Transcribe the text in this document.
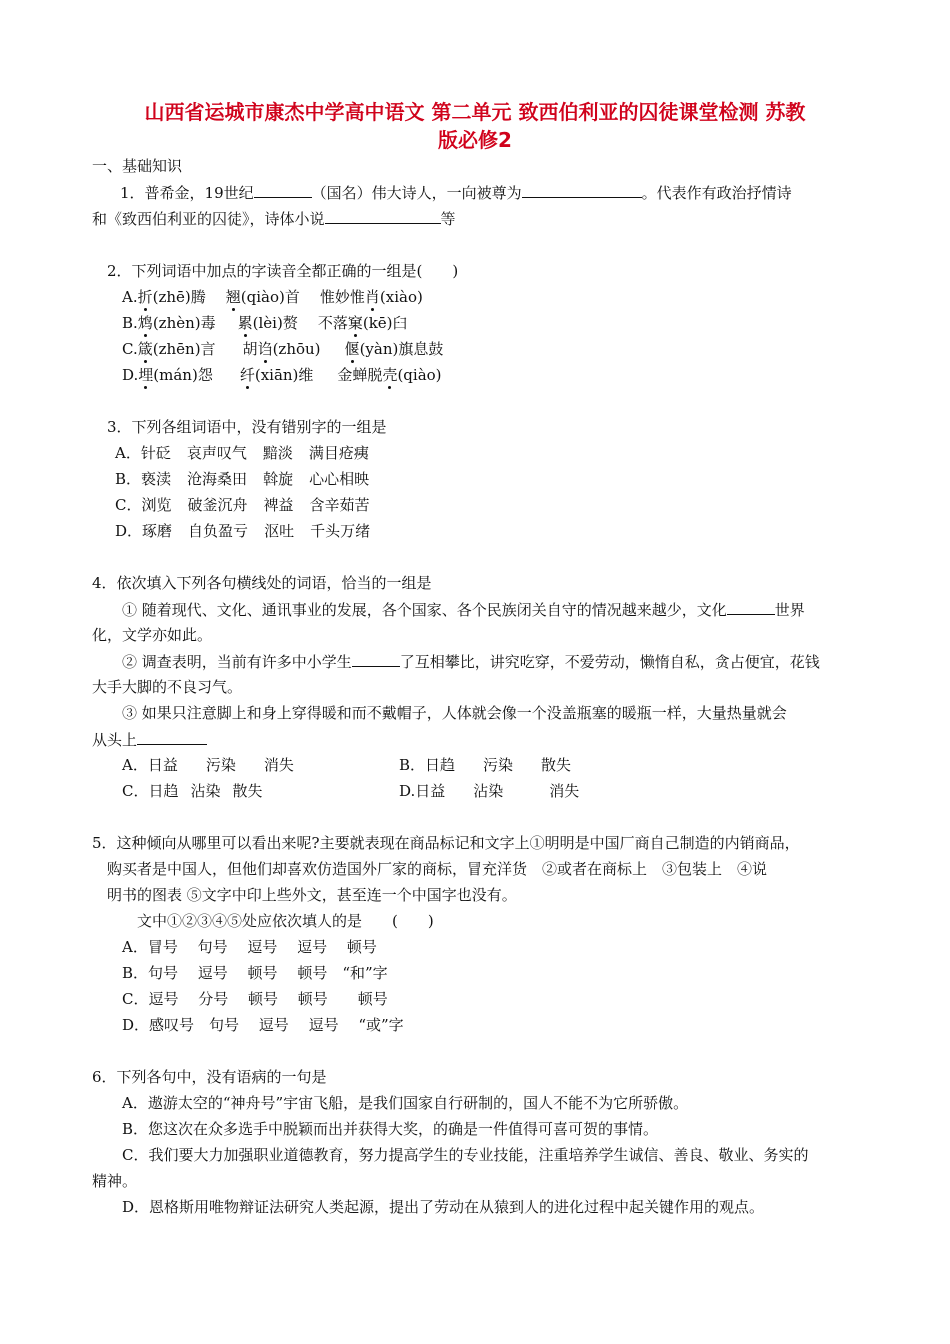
山西省运城市康杰中学高中语文 第二单元 致西伯利亚的囚徒课堂检测 苏教
版必修2
一、基础知识
1．普希金，19世纪	（国名）伟大诗人，一向被尊为	。代表作有政治抒情诗
和《致西伯利亚的囚徒》，诗体小说	等
2．下列词语中加点的字读音全都正确的一组是(　　)
A.折(zhē)腾 翘(qiào)首 惟妙惟肖(xiào)
B.鸩(zhèn)毒 累(lèi)赘 不落窠(kē)臼
C.箴(zhēn)言 胡诌(zhōu) 偃(yàn)旗息鼓
D.埋(mán)怨 纤(xiān)维 金蝉脱壳(qiào)
3．下列各组词语中，没有错别字的一组是
A．针砭 哀声叹气 黯淡 满目疮痍
B．亵渎 沧海桑田 斡旋 心心相映
C．浏览 破釜沉舟 裨益 含辛茹苦
D．琢磨 自负盈亏 沤吐 千头万绪
4．依次填入下列各句横线处的词语，恰当的一组是
① 随着现代、文化、通讯事业的发展，各个国家、各个民族闭关自守的情况越来越少，文化	世界
化，文学亦如此。
② 调查表明，当前有许多中小学生	了互相攀比，讲究吃穿，不爱劳动，懒惰自私，贪占便宜，花钱
大手大脚的不良习气。
③ 如果只注意脚上和身上穿得暖和而不戴帽子，人体就会像一个没盖瓶塞的暖瓶一样，大量热量就会
从头上
A．日益 污染 消失	B．日趋 污染 散失
C．日趋 沾染 散失	D.日益 沾染	消失
5．这种倾向从哪里可以看出来呢?主要就表现在商品标记和文字上①明明是中国厂商自己制造的内销商品，
购买者是中国人，但他们却喜欢仿造国外厂家的商标，冒充洋货　②或者在商标上　③包装上　④说
明书的图表 ⑤文字中印上些外文，甚至连一个中国字也没有。
文中①②③④⑤处应依次填人的是　　(　　)
A．冒号　 句号　 逗号　 逗号　 顿号
B．句号　 逗号　 顿号　 顿号　“和”字
C．逗号　 分号　 顿号　 顿号　　顿号
D．感叹号　句号　 逗号　 逗号　 “或”字
6．下列各句中，没有语病的一句是
A．遨游太空的“神舟号”宇宙飞船，是我们国家自行研制的，国人不能不为它所骄傲。
B．您这次在众多选手中脱颖而出并获得大奖，的确是一件值得可喜可贺的事情。
C．我们要大力加强职业道德教育，努力提高学生的专业技能，注重培养学生诚信、善良、敬业、务实的
精神。
D．恩格斯用唯物辩证法研究人类起源，提出了劳动在从猿到人的进化过程中起关键作用的观点。
